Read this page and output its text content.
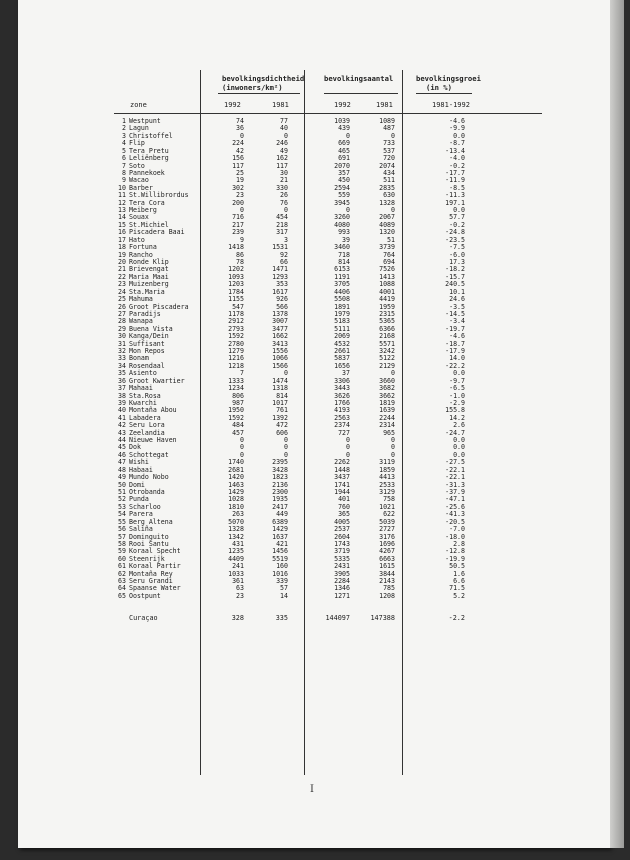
bevolkingsdichtheid
(inwoners/km²)
bevolkingsaantal	bevolkingsgroei
(in %)
zone	1992	1981	1992	1981	1981-1992
1 Westpunt	74	77	1039	1089	-4.6
2 Lagun	36	40	439	487	-9.9
3 Christoffel	0	0	0	0	0.0
4 Flip	224	246	669	733	-8.7
5 Tera Pretu	42	49	465	537	-13.4
6 Leliënberg	156	162	691	720	-4.0
7 Soto	117	117	2070	2074	-0.2
8 Pannekoek	25	30	357	434	-17.7
9 Wacao	19	21	450	511	-11.9
10 Barber	302	330	2594	2835	-8.5
11 St.Willibrordus	23	26	559	630	-11.3
12 Tera Cora	200	76	3945	1328	197.1
13 Meiberg	0	0	0	0	0.0
14 Souax	716	454	3260	2067	57.7
15 St.Michiel	217	218	4080	4089	-0.2
16 Piscadera Baai	239	317	993	1320	-24.8
17 Hato	9	3	39	51	-23.5
18 Fortuna	1418	1531	3460	3739	-7.5
19 Rancho	86	92	718	764	-6.0
20 Ronde Klip	78	66	814	694	17.3
21 Brievengat	1202	1471	6153	7526	-18.2
22 Maria Maai	1093	1293	1191	1413	-15.7
23 Muizenberg	1203	353	3705	1088	240.5
24 Sta.Maria	1784	1617	4406	4001	10.1
25 Mahuma	1155	926	5508	4419	24.6
26 Groot Piscadera	547	566	1891	1959	-3.5
27 Paradijs	1178	1378	1979	2315	-14.5
28 Wanapa	2912	3007	5183	5365	-3.4
29 Buena Vista	2793	3477	5111	6366	-19.7
30 Kanga/Dein	1592	1662	2069	2168	-4.6
31 Suffisant	2780	3413	4532	5571	-18.7
32 Mon Repos	1279	1556	2661	3242	-17.9
33 Bonam	1216	1066	5837	5122	14.0
34 Rosendaal	1218	1566	1656	2129	-22.2
35 Asiento	7	0	37	0	0.0
36 Groot Kwartier	1333	1474	3306	3660	-9.7
37 Mahaai	1234	1318	3443	3682	-6.5
38 Sta.Rosa	806	814	3626	3662	-1.0
39 Kwarchi	987	1017	1766	1819	-2.9
40 Montaña Abou	1950	761	4193	1639	155.8
41 Labadera	1592	1392	2563	2244	14.2
42 Seru Lora	484	472	2374	2314	2.6
43 Zeelandia	457	606	727	965	-24.7
44 Nieuwe Haven	0	0	0	0	0.0
45 Dok	0	0	0	0	0.0
46 Schottegat	0	0	0	0	0.0
47 Wishi	1740	2395	2262	3119	-27.5
48 Habaai	2681	3428	1448	1859	-22.1
49 Mundo Nobo	1420	1823	3437	4413	-22.1
50 Domi	1463	2136	1741	2533	-31.3
51 Otrobanda	1429	2300	1944	3129	-37.9
52 Punda	1028	1935	401	758	-47.1
53 Scharloo	1810	2417	760	1021	-25.6
54 Parera	263	449	365	622	-41.3
55 Berg Altena	5070	6389	4005	5039	-20.5
56 Saliña	1328	1429	2537	2727	-7.0
57 Dominguito	1342	1637	2604	3176	-18.0
58 Rooi Santu	431	421	1743	1696	2.8
59 Koraal Specht	1235	1456	3719	4267	-12.8
60 Steenrijk	4409	5519	5335	6663	-19.9
61 Koraal Partir	241	160	2431	1615	50.5
62 Montaña Rey	1033	1016	3905	3844	1.6
63 Seru Grandi	361	339	2284	2143	6.6
64 Spaanse Water	63	57	1346	785	71.5
65 Oostpunt	23	14	1271	1208	5.2
Curaçao	328	335	144097	147388	-2.2
I
